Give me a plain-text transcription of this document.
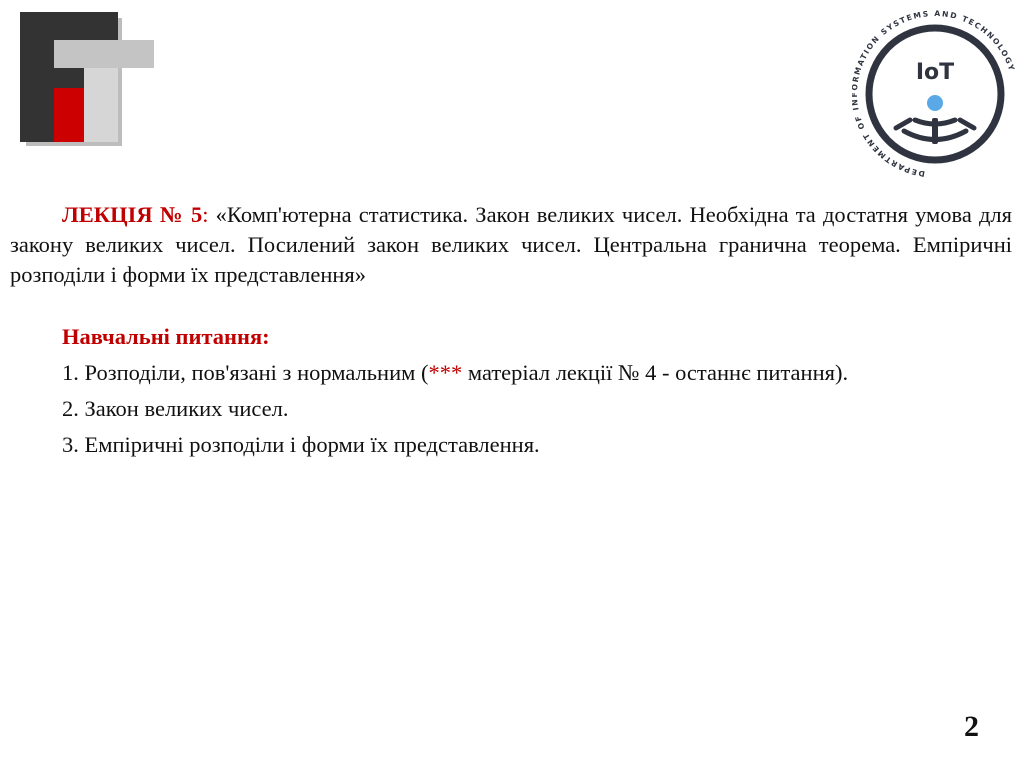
DEPARTMENT OF MATION SYSTEMS AND TECHNOLOGY
IoT

ЛЕКЦІЯ № 5: «Комп'ютерна статистика. Закон великих чисел. Необхідна та достатня умова для закону великих чисел. Посилений закон великих чисел. Центральна гранична теорема. Емпіричні розподіли і форми їх представлення»

Навчальні питання:

1. Розподіли, пов'язані з нормальним (*** матеріал лекції № 4 - останнє питання).

2. Закон великих чисел.

3. Емпіричні розподіли і форми їх представлення.

2
